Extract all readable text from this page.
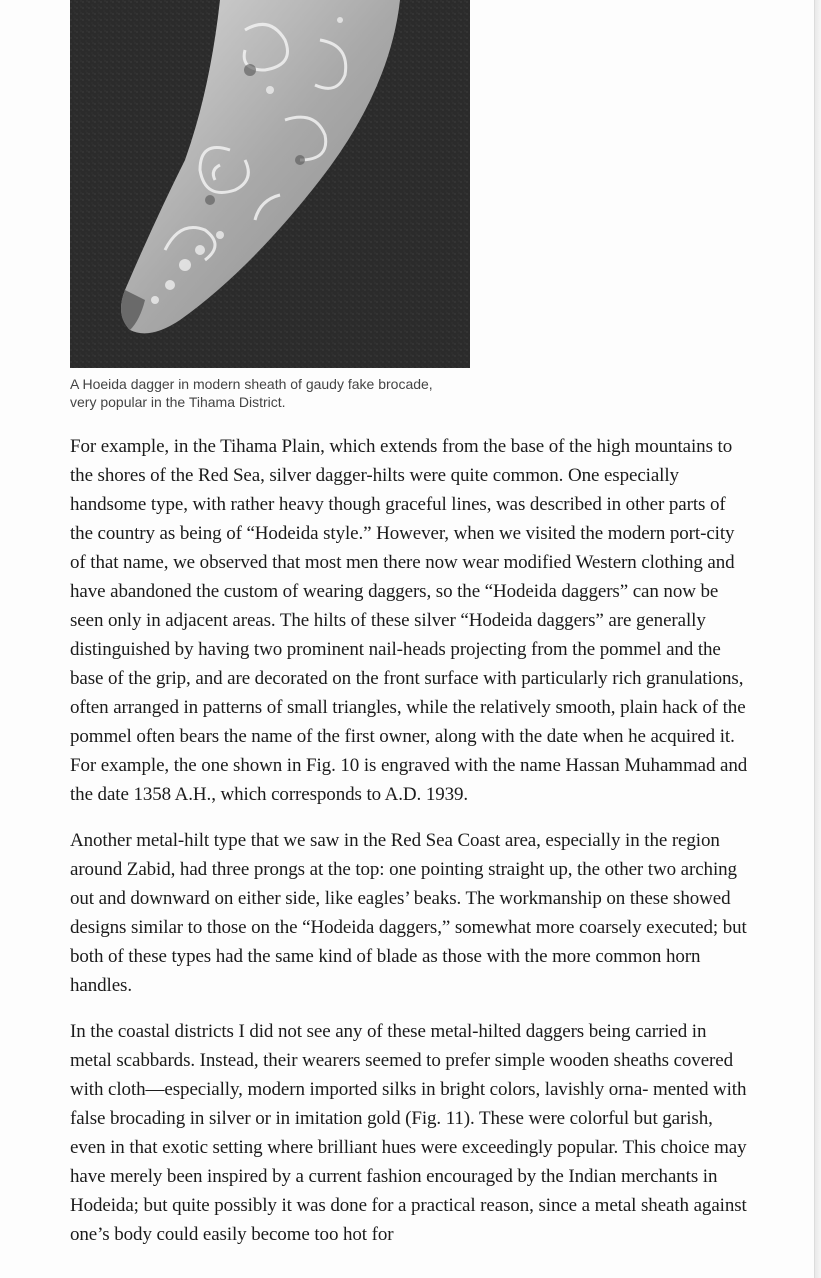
A Hoeida dagger in modern sheath of gaudy fake brocade,
very popular in the Tihama District.

For example, in the Tihama Plain, which extends from the base of the high mountains to the shores of the Red Sea, silver dagger-hilts were quite common. One especially handsome type, with rather heavy though graceful lines, was described in other parts of the country as being of “Hodeida style.” However, when we visited the modern port-city of that name, we observed that most men there now wear modified Western clothing and have abandoned the custom of wearing daggers, so the “Hodeida daggers” can now be seen only in adjacent areas. The hilts of these silver “Hodeida daggers” are generally distinguished by having two prominent nail-heads projecting from the pommel and the base of the grip, and are decorated on the front surface with particularly rich granulations, often arranged in patterns of small triangles, while the relatively smooth, plain hack of the pommel often bears the name of the first owner, along with the date when he acquired it. For example, the one shown in Fig. 10 is engraved with the name Hassan Muhammad and the date 1358 A.H., which corresponds to A.D. 1939.

Another metal-hilt type that we saw in the Red Sea Coast area, especially in the region around Zabid, had three prongs at the top: one pointing straight up, the other two arching out and downward on either side, like eagles’ beaks. The workmanship on these showed designs similar to those on the “Hodeida daggers,” somewhat more coarsely executed; but both of these types had the same kind of blade as those with the more common horn handles.

In the coastal districts I did not see any of these metal-hilted daggers being carried in metal scabbards. Instead, their wearers seemed to prefer simple wooden sheaths covered with cloth—especially, modern imported silks in bright colors, lavishly orna- mented with false brocading in silver or in imitation gold (Fig. 11). These were colorful but garish, even in that exotic setting where brilliant hues were exceedingly popular. This choice may have merely been inspired by a current fashion encouraged by the Indian merchants in Hodeida; but quite possibly it was done for a practical reason, since a metal sheath against one’s body could easily become too hot for
